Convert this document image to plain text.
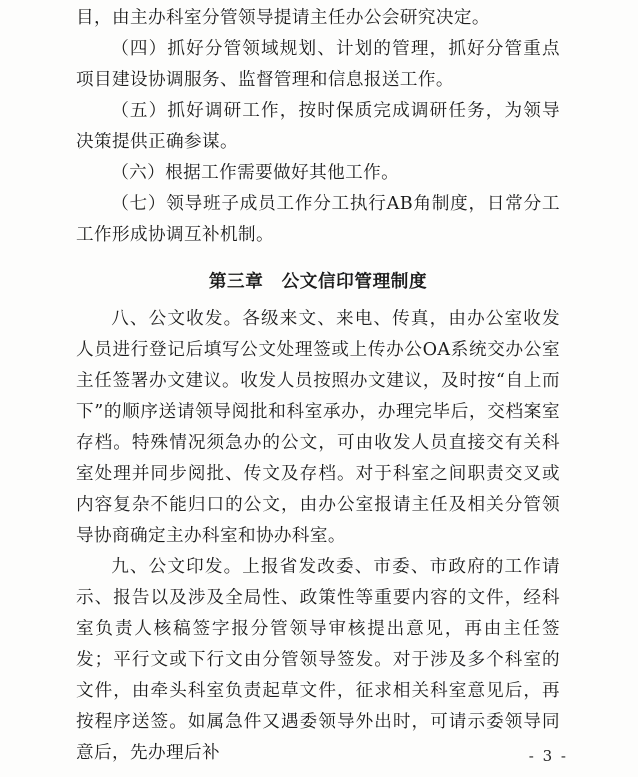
目，由主办科室分管领导提请主任办公会研究决定。

（四）抓好分管领域规划、计划的管理，抓好分管重点项目建设协调服务、监督管理和信息报送工作。

（五）抓好调研工作，按时保质完成调研任务，为领导决策提供正确参谋。

（六）根据工作需要做好其他工作。

（七）领导班子成员工作分工执行AB角制度，日常分工工作形成协调互补机制。

第三章　公文信印管理制度

八、公文收发。各级来文、来电、传真，由办公室收发人员进行登记后填写公文处理签或上传办公OA系统交办公室主任签署办文建议。收发人员按照办文建议，及时按“自上而下”的顺序送请领导阅批和科室承办，办理完毕后，交档案室存档。特殊情况须急办的公文，可由收发人员直接交有关科室处理并同步阅批、传文及存档。对于科室之间职责交叉或内容复杂不能归口的公文，由办公室报请主任及相关分管领导协商确定主办科室和协办科室。

九、公文印发。上报省发改委、市委、市政府的工作请示、报告以及涉及全局性、政策性等重要内容的文件，经科室负责人核稿签字报分管领导审核提出意见，再由主任签发；平行文或下行文由分管领导签发。对于涉及多个科室的文件，由牵头科室负责起草文件，征求相关科室意见后，再按程序送签。如属急件又遇委领导外出时，可请示委领导同意后，先办理后补	- 3 -
